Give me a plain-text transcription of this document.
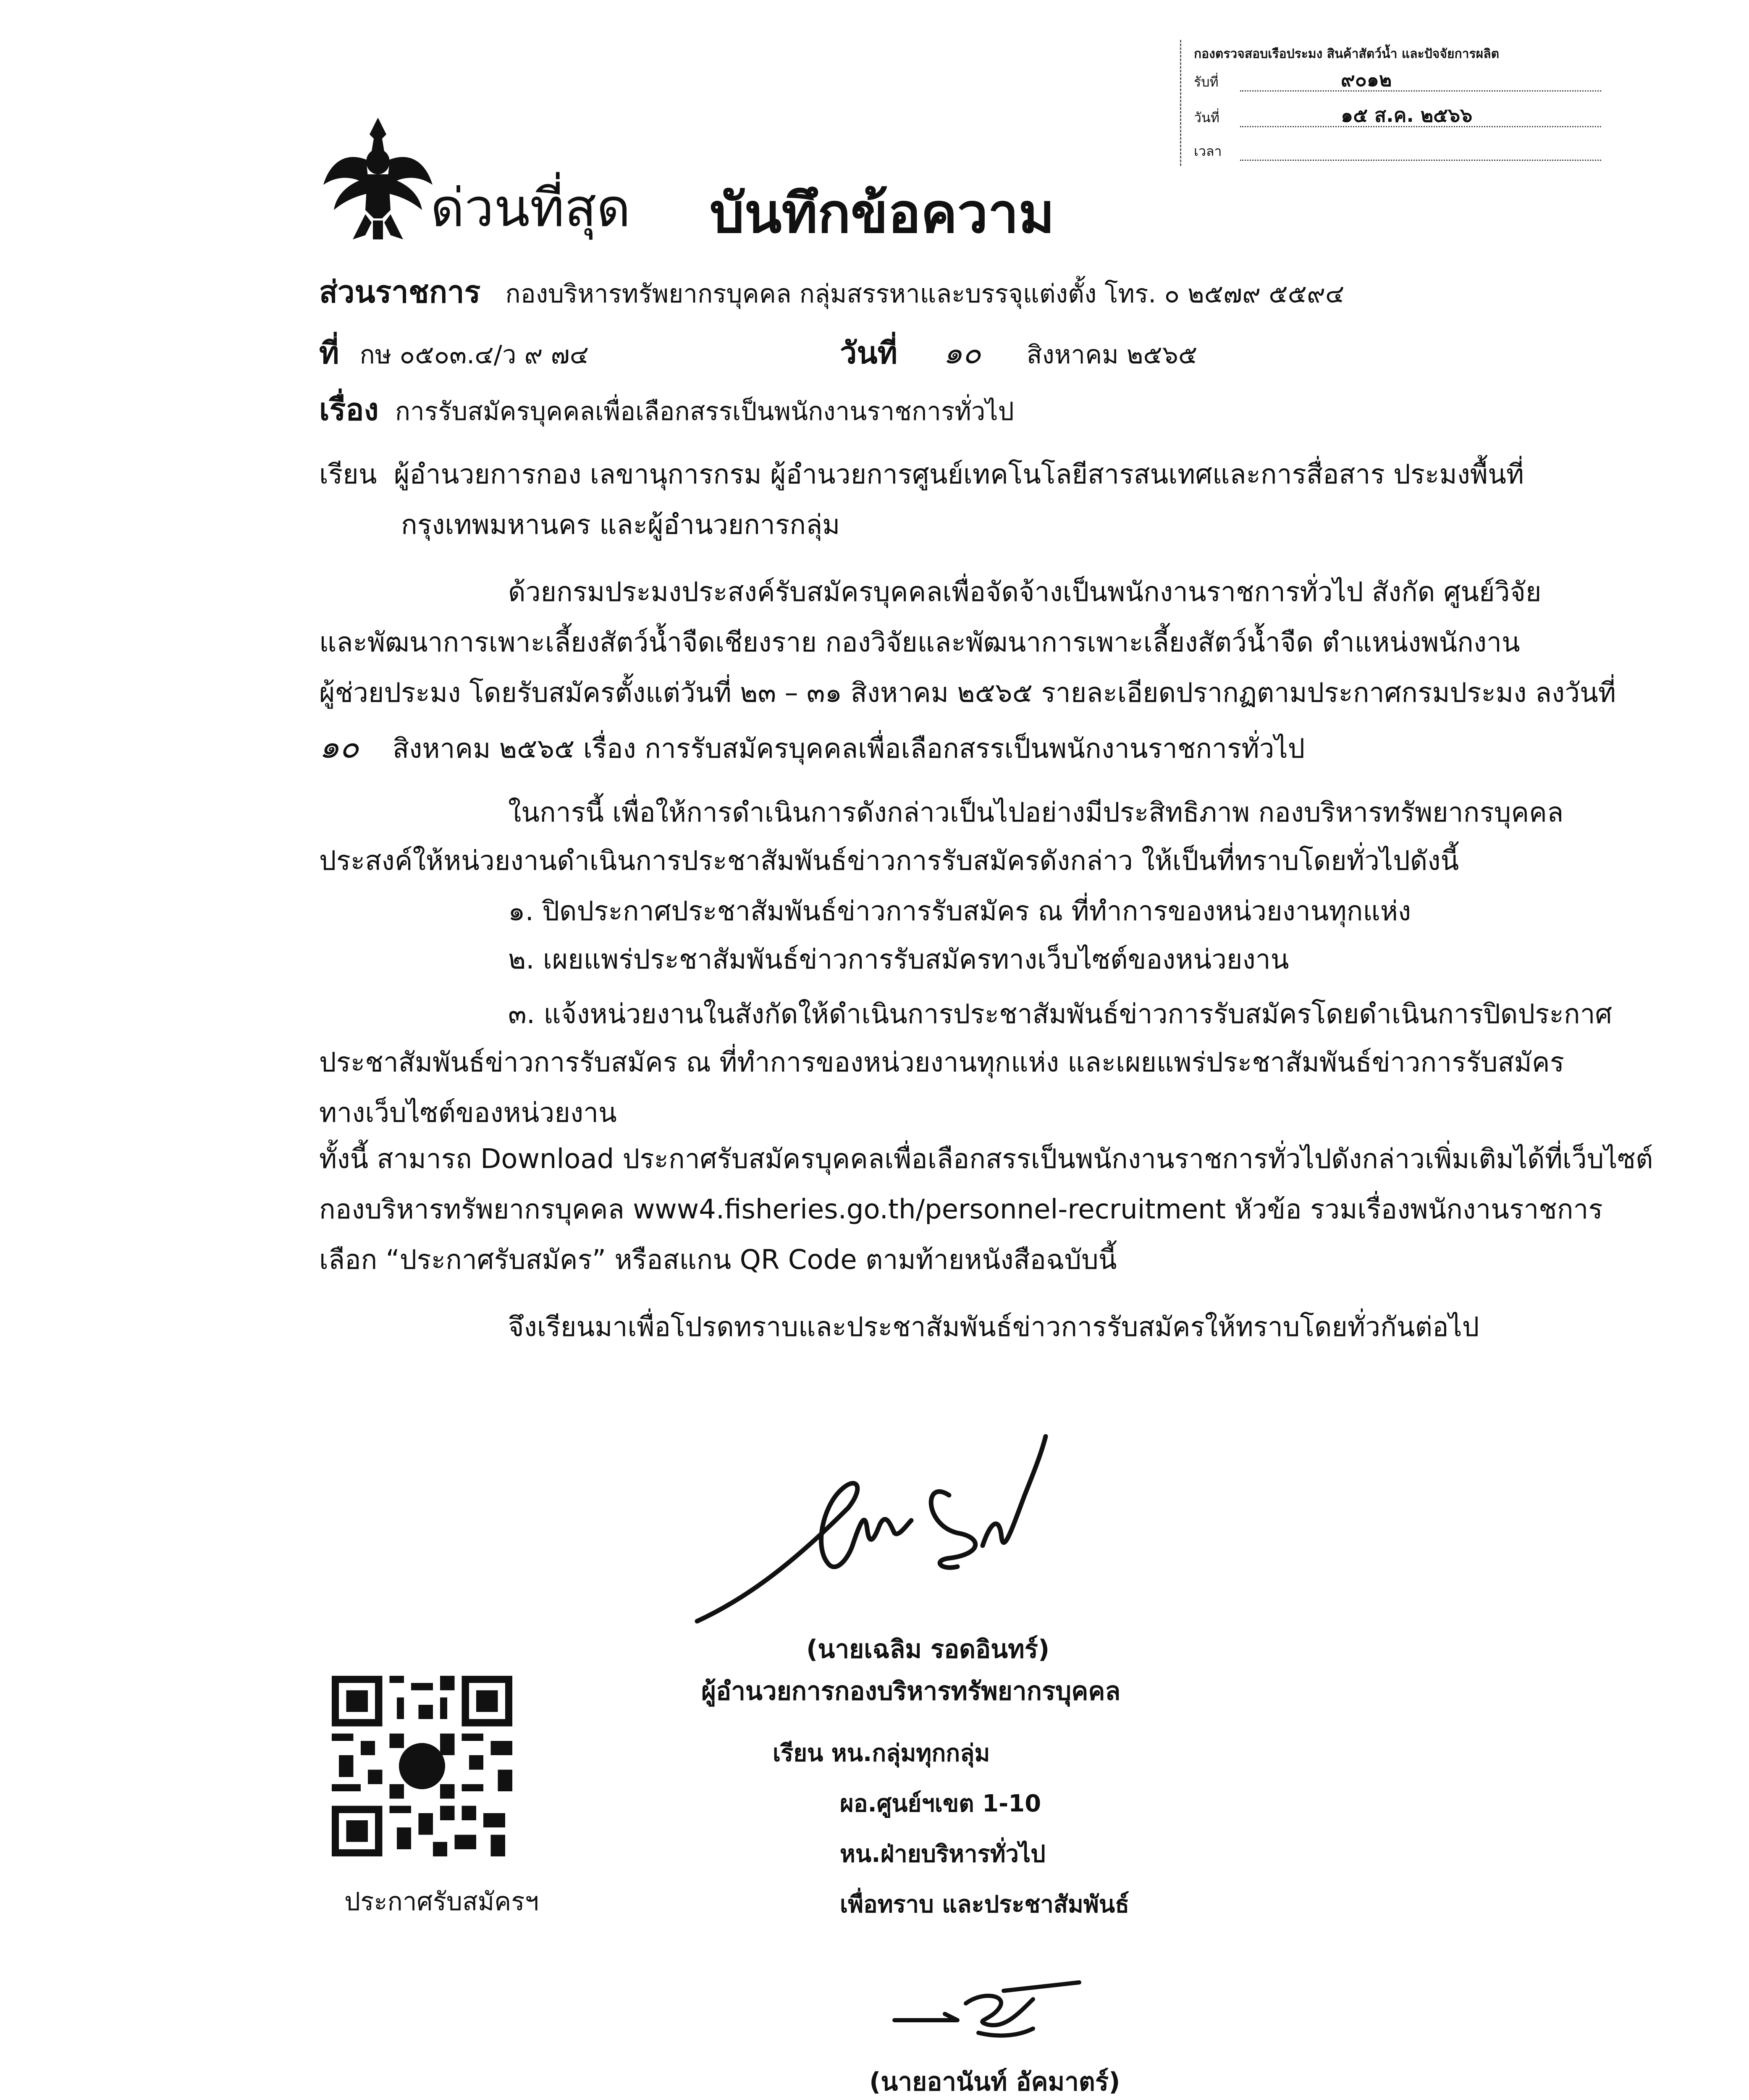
กองตรวจสอบเรือประมง สินค้าสัตว์น้ำ และปัจจัยการผลิต
รับที่	๙๐๑๒
วันที่	๑๕ ส.ค. ๒๕๖๖
เวลา
ด่วนที่สุด บันทึกข้อความ
ส่วนราชการ กองบริหารทรัพยากรบุคคล กลุ่มสรรหาและบรรจุแต่งตั้ง โทร. ๐ ๒๕๗๙ ๕๕๙๔
ที่ กษ ๐๕๐๓.๔/ว ๙ ๗๔	วันที่ ๑๐ สิงหาคม ๒๕๖๕
เรื่อง การรับสมัครบุคคลเพื่อเลือกสรรเป็นพนักงานราชการทั่วไป
เรียน ผู้อำนวยการกอง เลขานุการกรม ผู้อำนวยการศูนย์เทคโนโลยีสารสนเทศและการสื่อสาร ประมงพื้นที่
กรุงเทพมหานคร และผู้อำนวยการกลุ่ม
ด้วยกรมประมงประสงค์รับสมัครบุคคลเพื่อจัดจ้างเป็นพนักงานราชการทั่วไป สังกัด ศูนย์วิจัย
และพัฒนาการเพาะเลี้ยงสัตว์น้ำจืดเชียงราย กองวิจัยและพัฒนาการเพาะเลี้ยงสัตว์น้ำจืด ตำแหน่งพนักงาน
ผู้ช่วยประมง โดยรับสมัครตั้งแต่วันที่ ๒๓ – ๓๑ สิงหาคม ๒๕๖๕ รายละเอียดปรากฏตามประกาศกรมประมง ลงวันที่
๑๐ สิงหาคม ๒๕๖๕ เรื่อง การรับสมัครบุคคลเพื่อเลือกสรรเป็นพนักงานราชการทั่วไป
ในการนี้ เพื่อให้การดำเนินการดังกล่าวเป็นไปอย่างมีประสิทธิภาพ กองบริหารทรัพยากรบุคคล
ประสงค์ให้หน่วยงานดำเนินการประชาสัมพันธ์ข่าวการรับสมัครดังกล่าว ให้เป็นที่ทราบโดยทั่วไปดังนี้
๑. ปิดประกาศประชาสัมพันธ์ข่าวการรับสมัคร ณ ที่ทำการของหน่วยงานทุกแห่ง
๒. เผยแพร่ประชาสัมพันธ์ข่าวการรับสมัครทางเว็บไซต์ของหน่วยงาน
๓. แจ้งหน่วยงานในสังกัดให้ดำเนินการประชาสัมพันธ์ข่าวการรับสมัครโดยดำเนินการปิดประกาศ
ประชาสัมพันธ์ข่าวการรับสมัคร ณ ที่ทำการของหน่วยงานทุกแห่ง และเผยแพร่ประชาสัมพันธ์ข่าวการรับสมัคร
ทางเว็บไซต์ของหน่วยงาน
ทั้งนี้ สามารถ Download ประกาศรับสมัครบุคคลเพื่อเลือกสรรเป็นพนักงานราชการทั่วไปดังกล่าวเพิ่มเติมได้ที่เว็บไซต์
กองบริหารทรัพยากรบุคคล www4.fisheries.go.th/personnel-recruitment หัวข้อ รวมเรื่องพนักงานราชการ
เลือก “ประกาศรับสมัคร” หรือสแกน QR Code ตามท้ายหนังสือฉบับนี้
จึงเรียนมาเพื่อโปรดทราบและประชาสัมพันธ์ข่าวการรับสมัครให้ทราบโดยทั่วกันต่อไป
(นายเฉลิม รอดอินทร์)
ผู้อำนวยการกองบริหารทรัพยากรบุคคล
ประกาศรับสมัครฯ
เรียน หน.กลุ่มทุกกลุ่ม
ผอ.ศูนย์ฯเขต 1-10
หน.ฝ่ายบริหารทั่วไป
เพื่อทราบ และประชาสัมพันธ์
(นายอานันท์ อัคมาตร์)
